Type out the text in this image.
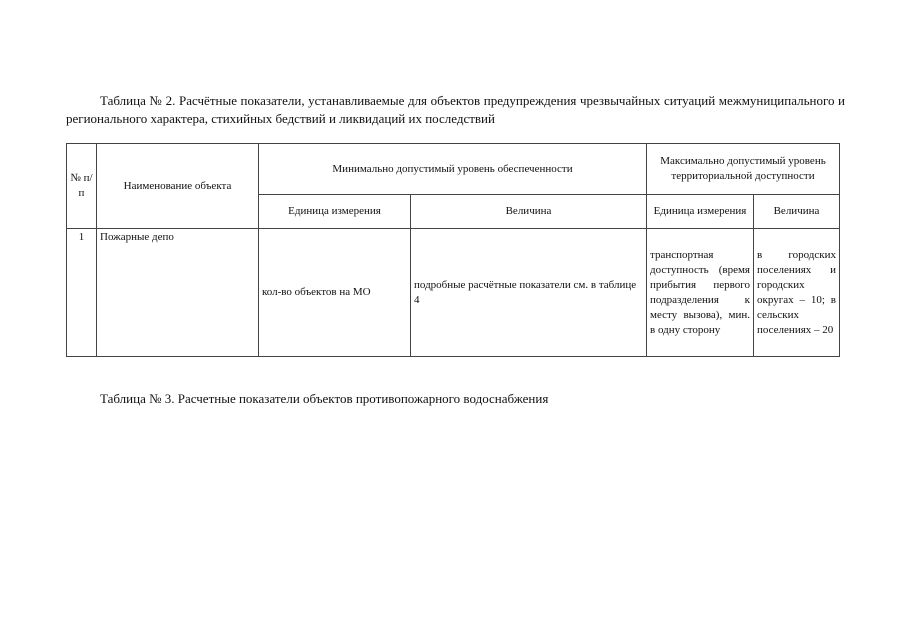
Таблица № 2. Расчётные показатели, устанавливаемые для объектов предупреждения чрезвычайных ситуаций межмуниципального и регионального характера, стихийных бедствий и ликвидаций их последствий

№ п/п	Наименование объекта	Минимально допустимый уровень обеспеченности		Максимально допустимый уровень территориальной доступности	
		Единица измерения	Величина	Единица измерения	Величина
1	Пожарные депо	кол-во объектов на МО	подробные расчётные показатели см. в таблице 4	транспортная доступность (время прибытия первого подразделения к месту вызова), мин. в одну сторону	в городских поселениях и городских округах – 10; в сельских поселениях – 20

Таблица № 3. Расчетные показатели объектов противопожарного водоснабжения
